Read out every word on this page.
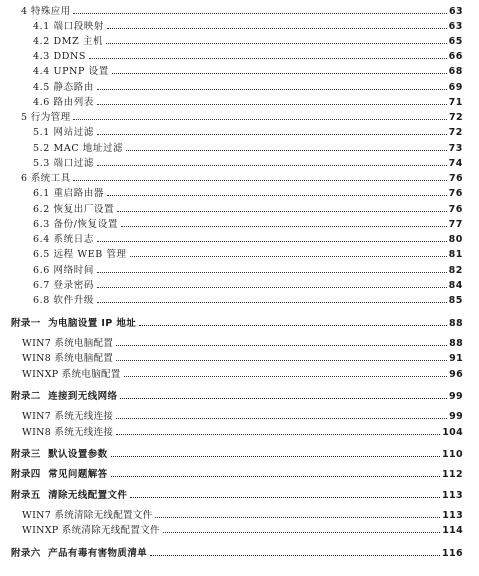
4 特殊应用	63
4.1 端口段映射	63
4.2 DMZ 主机	65
4.3 DDNS	66
4.4 UPNP 设置	68
4.5 静态路由	69
4.6 路由列表	71
5 行为管理	72
5.1 网站过滤	72
5.2 MAC 地址过滤	73
5.3 端口过滤	74
6 系统工具	76
6.1 重启路由器	76
6.2 恢复出厂设置	76
6.3 备份/恢复设置	77
6.4 系统日志	80
6.5 远程 WEB 管理	81
6.6 网络时间	82
6.7 登录密码	84
6.8 软件升级	85
附录一  为电脑设置 IP 地址	88
WIN7 系统电脑配置	88
WIN8 系统电脑配置	91
WINXP 系统电脑配置	96
附录二  连接到无线网络	99
WIN7 系统无线连接	99
WIN8 系统无线连接	104
附录三  默认设置参数	110
附录四  常见问题解答	112
附录五  清除无线配置文件	113
WIN7 系统清除无线配置文件	113
WINXP 系统清除无线配置文件	114
附录六  产品有毒有害物质清单	116
